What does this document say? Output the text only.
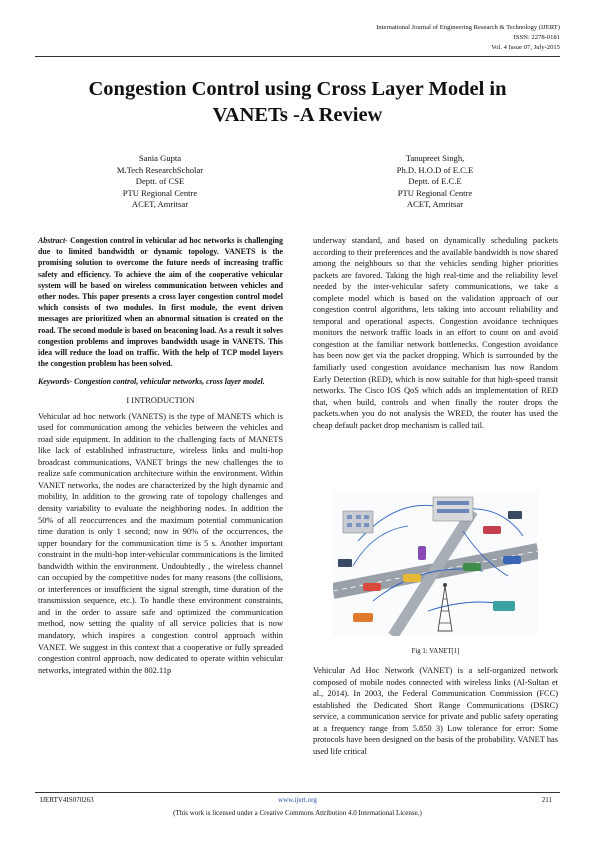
International Journal of Engineering Research & Technology (IJERT)
ISSN: 2278-0181
Vol. 4 Issue 07, July-2015
Congestion Control using Cross Layer Model in
VANETs -A Review
Sania Gupta
M.Tech ResearchScholar
Deptt. of CSE
PTU Regional Centre
ACET, Amritsar
Tanupreet Singh,
Ph.D. H.O.D of E.C.E
Deptt. of E.C.E
PTU Regional Centre
ACET, Amritsar
Abstract- Congestion control in vehicular ad hoc networks is challenging due to limited bandwidth or dynamic topology. VANETS is the promising solution to overcome the future needs of increasing traffic safety and efficiency. To achieve the aim of the cooperative vehicular system will be based on wireless communication between vehicles and other nodes. This paper presents a cross layer congestion control model which consists of two modules. In first module, the event driven messages are prioritized when an abnormal situation is created on the road. The second module is based on beaconing load. As a result it solves congestion problems and improves bandwidth usage in VANETS. This idea will reduce the load on traffic. With the help of TCP model layers the congestion problem has been solved.
Keywords- Congestion control, vehicular networks, cross layer model.
I INTRODUCTION
Vehicular ad hoc network (VANETS) is the type of MANETS which is used for communication among the vehicles between the vehicles and road side equipment. In addition to the challenging facts of MANETS like lack of established infrastructure, wireless links and multi-hop broadcast communications, VANET brings the new challenges the to realize safe communication architecture within the environment. Within VANET networks, the nodes are characterized by the high dynamic and mobility, In addition to the growing rate of topology challenges and density variability to evaluate the neighboring nodes. In addition the 50% of all reoccurrences and the maximum potential communication time duration is only 1 second; now in 90% of the occurrences, the upper boundary for the communication time is 5 s. Another important constraint in the multi-hop inter-vehicular communications is the limited bandwidth within the environment. Undoubtedly , the wireless channel can occupied by the competitive nodes for many reasons (the collisions, or interferences or insufficient the signal strength, time duration of the transmission sequence, etc.). To handle these environment constraints, and in the order to assure safe and optimized the communication method, now setting the quality of all service policies that is now mandatory, which inspires a congestion control approach within VANET. We suggest in this context that a cooperative or fully spreaded congestion control approach, now dedicated to operate within vehicular networks, integrated within the 802.11p
underway standard, and based on dynamically scheduling packets according to their preferences and the available bandwidth is now shared among the neighbours so that the vehicles sending higher priorities packets are favored. Taking the high real-time and the reliability level needed by the inter-vehicular safety communications, we take a complete model which is based on the validation approach of our congestion control algorithms, lets taking into account reliability and temporal and operational aspects. Congestion avoidance techniques monitors the network traffic loads in an effort to count on and avoid congestion at the familiar network bottlenecks. Congestion avoidance has been now get via the packet dropping. Which is surrounded by the familiarly used congestion avoidance mechanism has now Random Early Detection (RED), which is now suitable for that high-speed transit networks. The Cisco IOS QoS which adds an implementation of RED that, when build, controls and when finally the router drops the packets.when you do not analysis the WRED, the router has used the cheap default packet drop mechanism is called tail.
Fig 1: VANET[1]
Vehicular Ad Hoc Network (VANET) is a self-organized network composed of mobile nodes connected with wireless links (Al-Sultan et al., 2014). In 2003, the Federal Communication Commission (FCC) established the Dedicated Short Range Communications (DSRC) service, a communication service for private and public safety operating at a frequency range from 5.850 3) Low tolerance for error: Some protocols have been designed on the basis of the probability. VANET has used life critical
IJERTV4IS070263	www.ijert.org	211
(This work is licensed under a Creative Commons Attribution 4.0 International License.)
